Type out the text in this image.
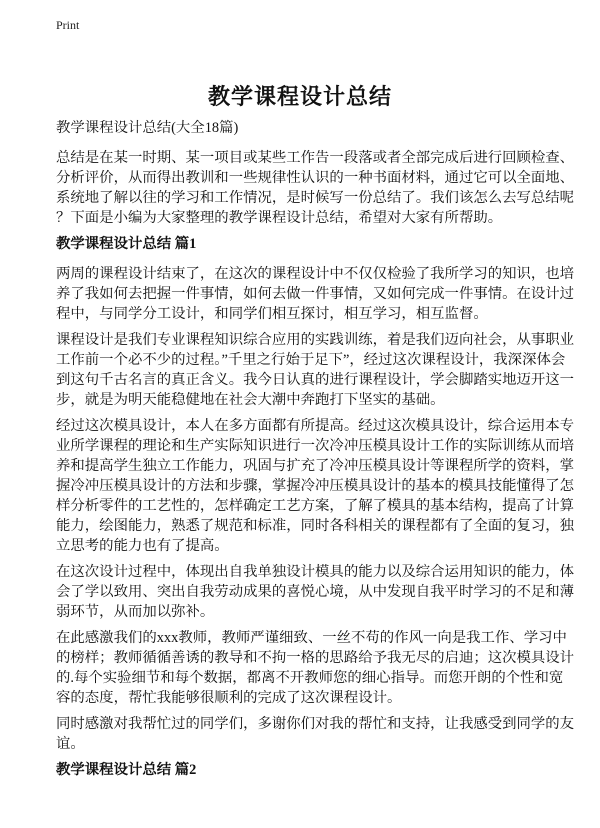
Print
教学课程设计总结

教学课程设计总结(大全18篇)

总结是在某一时期、某一项目或某些工作告一段落或者全部完成后进行回顾检查、
分析评价，从而得出教训和一些规律性认识的一种书面材料，通过它可以全面地、
系统地了解以往的学习和工作情况，是时候写一份总结了。我们该怎么去写总结呢
？下面是小编为大家整理的教学课程设计总结，希望对大家有所帮助。

教学课程设计总结 篇1

两周的课程设计结束了，在这次的课程设计中不仅仅检验了我所学习的知识，也培
养了我如何去把握一件事情，如何去做一件事情，又如何完成一件事情。在设计过
程中，与同学分工设计，和同学们相互探讨，相互学习，相互监督。

课程设计是我们专业课程知识综合应用的实践训练，着是我们迈向社会，从事职业
工作前一个必不少的过程。”千里之行始于足下”，经过这次课程设计，我深深体会
到这句千古名言的真正含义。我今日认真的进行课程设计，学会脚踏实地迈开这一
步，就是为明天能稳健地在社会大潮中奔跑打下坚实的基础。

经过这次模具设计，本人在多方面都有所提高。经过这次模具设计，综合运用本专
业所学课程的理论和生产实际知识进行一次冷冲压模具设计工作的实际训练从而培
养和提高学生独立工作能力，巩固与扩充了冷冲压模具设计等课程所学的资料，掌
握冷冲压模具设计的方法和步骤，掌握冷冲压模具设计的基本的模具技能懂得了怎
样分析零件的工艺性的，怎样确定工艺方案，了解了模具的基本结构，提高了计算
能力，绘图能力，熟悉了规范和标准，同时各科相关的课程都有了全面的复习，独
立思考的能力也有了提高。

在这次设计过程中，体现出自我单独设计模具的能力以及综合运用知识的能力，体
会了学以致用、突出自我劳动成果的喜悦心境，从中发现自我平时学习的不足和薄
弱环节，从而加以弥补。

在此感激我们的xxx教师，教师严谨细致、一丝不苟的作风一向是我工作、学习中
的榜样；教师循循善诱的教导和不拘一格的思路给予我无尽的启迪；这次模具设计
的.每个实验细节和每个数据，都离不开教师您的细心指导。而您开朗的个性和宽
容的态度，帮忙我能够很顺利的完成了这次课程设计。

同时感激对我帮忙过的同学们，多谢你们对我的帮忙和支持，让我感受到同学的友
谊。

教学课程设计总结 篇2
